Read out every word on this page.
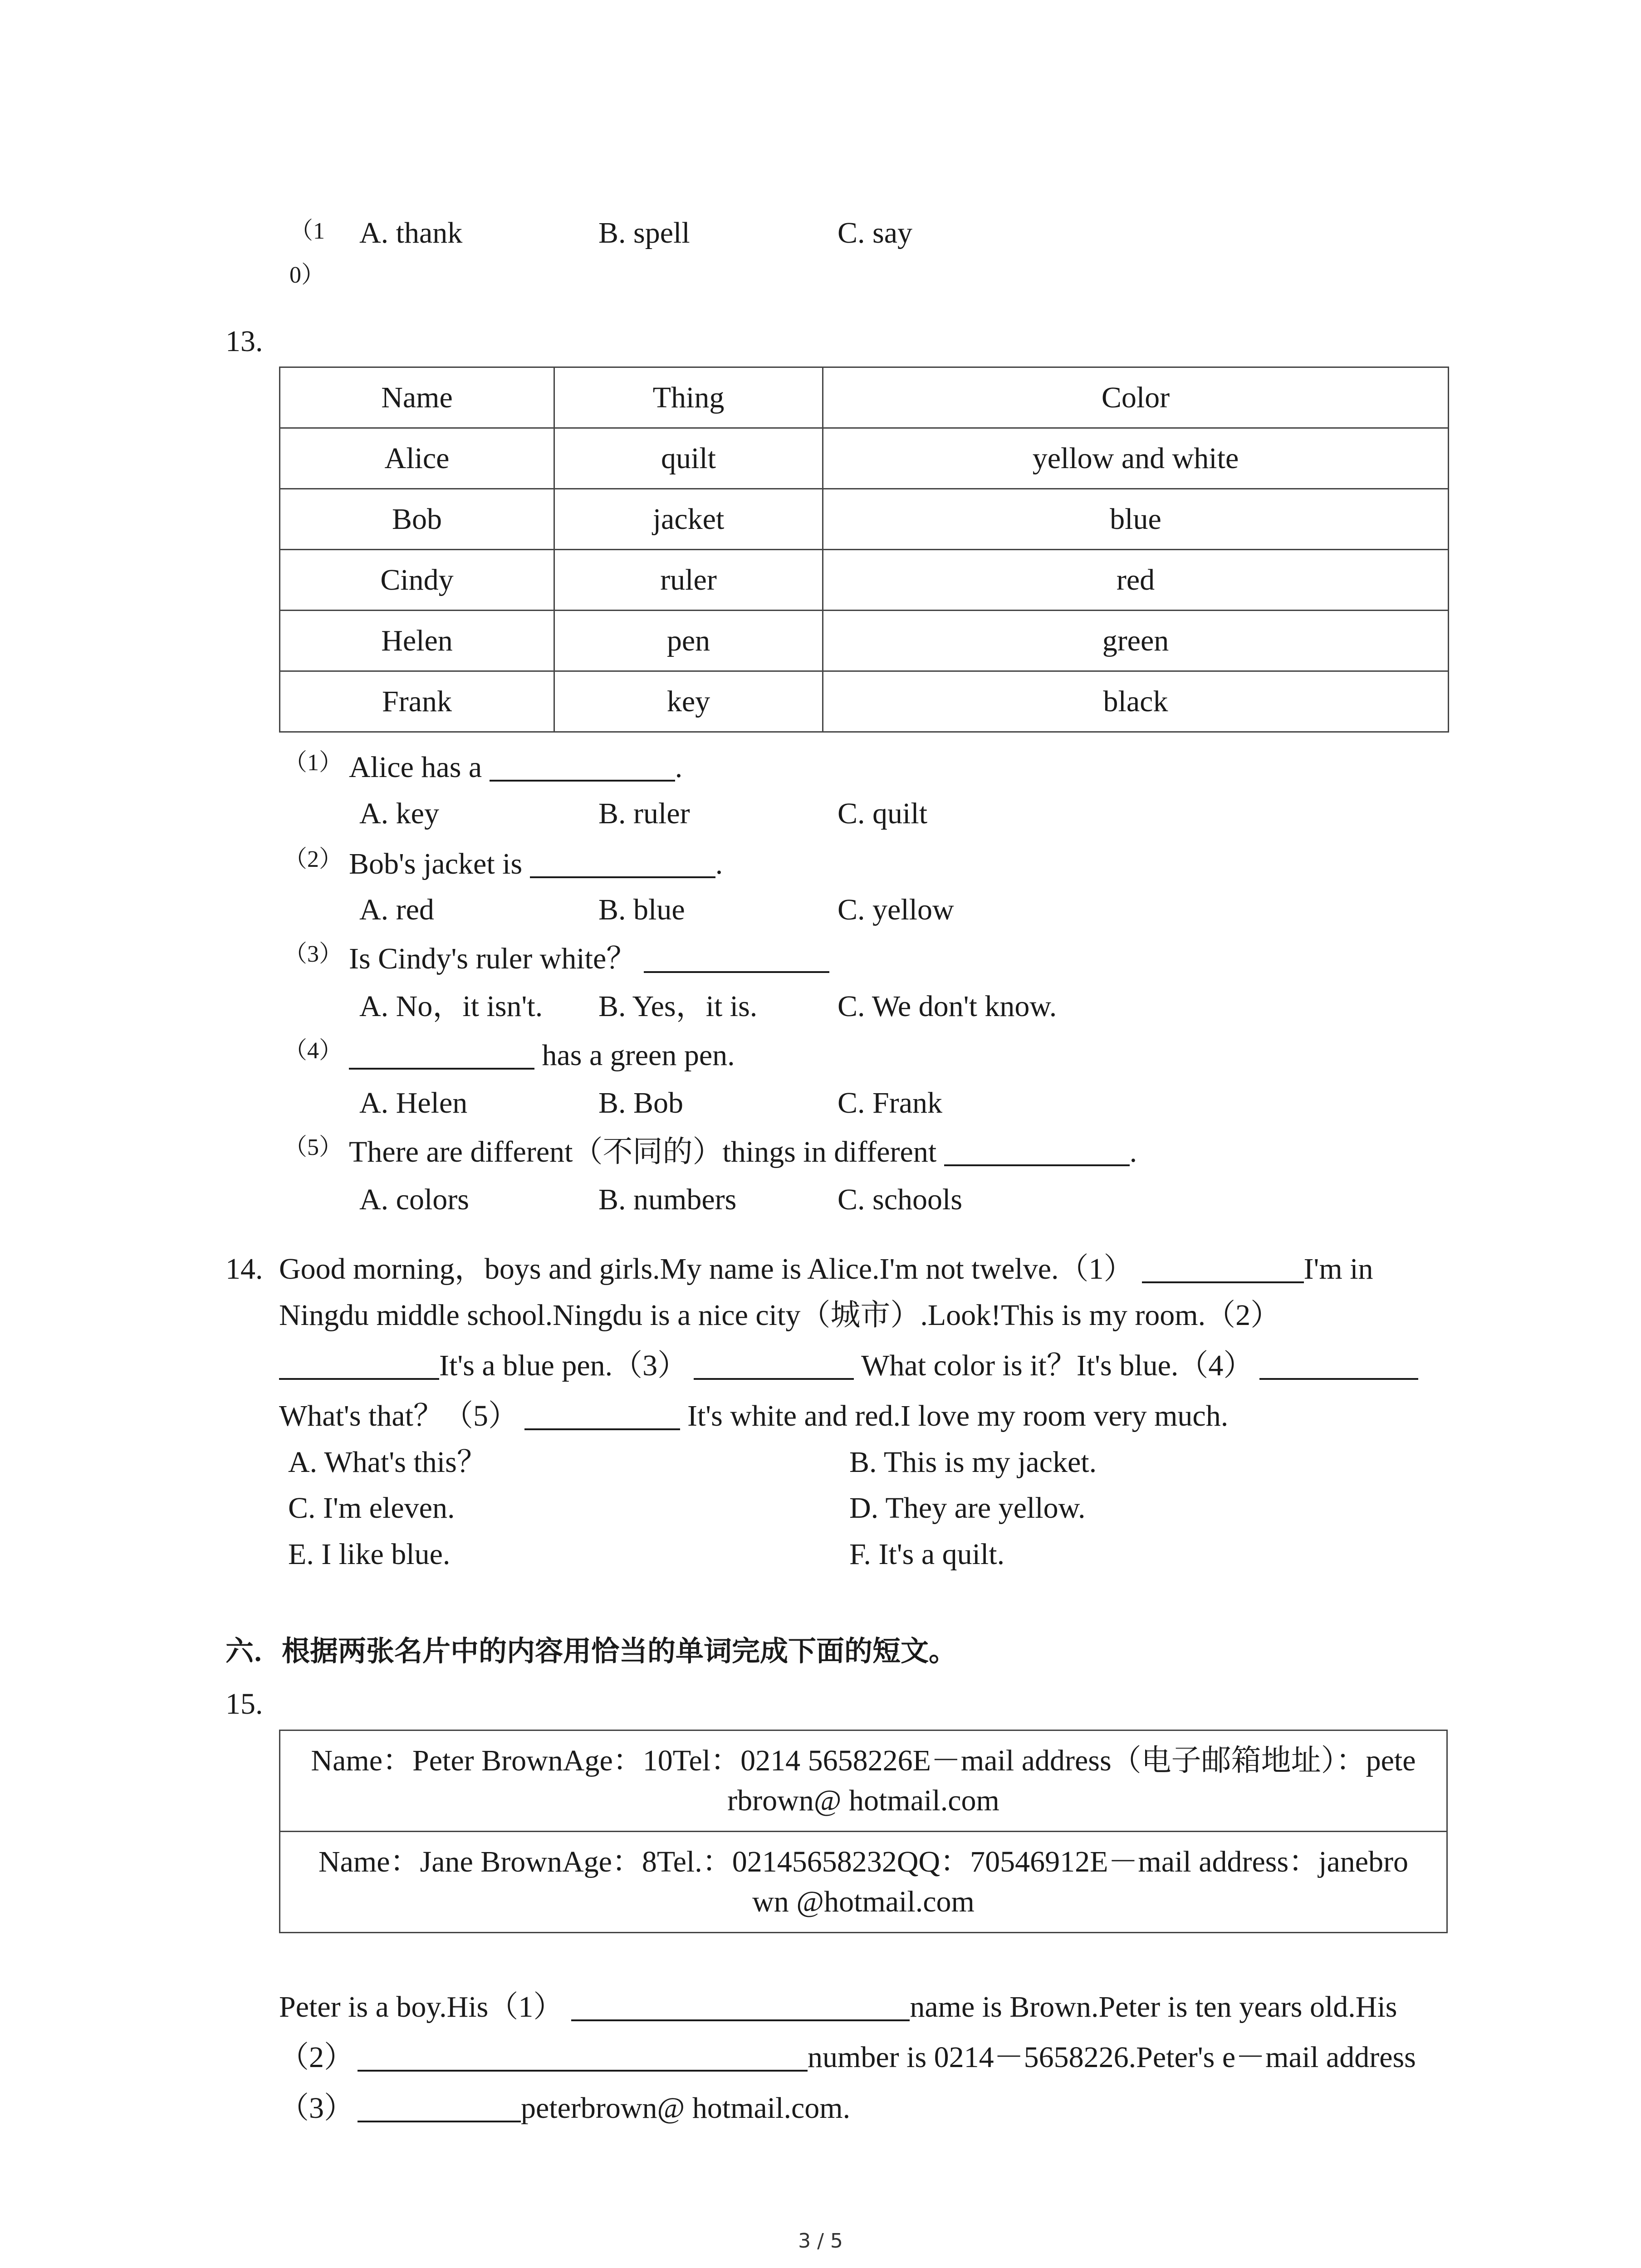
（1
0）
A. thank	B. spell	C. say
13.
Name	Thing	Color
Alice	quilt	yellow and white
Bob	jacket	blue
Cindy	ruler	red
Helen	pen	green
Frank	key	black
（1） Alice has a	.
A. key	B. ruler	C. quilt
（2） Bob's jacket is	.
A. red	B. blue	C. yellow
（3） Is Cindy's ruler white？
A. No，it isn't. B. Yes，it is.	C. We don't know.
（4）	has a green pen.
A. Helen	B. Bob	C. Frank
（5） There are different（不同的）things in different	.
A. colors	B. numbers	C. schools
14. Good morning，boys and girls.My name is Alice.I'm not twelve.（1）	I'm in
Ningdu middle school.Ningdu is a nice city（城市）.Look!This is my room.（2）
It's a blue pen.（3）	What color is it？It's blue.（4）
What's that？（5）	It's white and red.I love my room very much.
A. What's this？	B. This is my jacket.
C. I'm eleven.	D. They are yellow.
E. I like blue.	F. It's a quilt.
六．根据两张名片中的内容用恰当的单词完成下面的短文。
15.
Name：Peter BrownAge：10Tel：0214 5658226E－mail address（电子邮箱地址）：pete
rbrown@ hotmail.com

Name：Jane BrownAge：8Tel.：02145658232QQ：70546912E－mail address：janebro
wn @hotmail.com
Peter is a boy.His（1）	name is Brown.Peter is ten years old.His
（2）	number is 0214－5658226.Peter's e－mail address
（3）	peterbrown@ hotmail.com.
3 / 5
